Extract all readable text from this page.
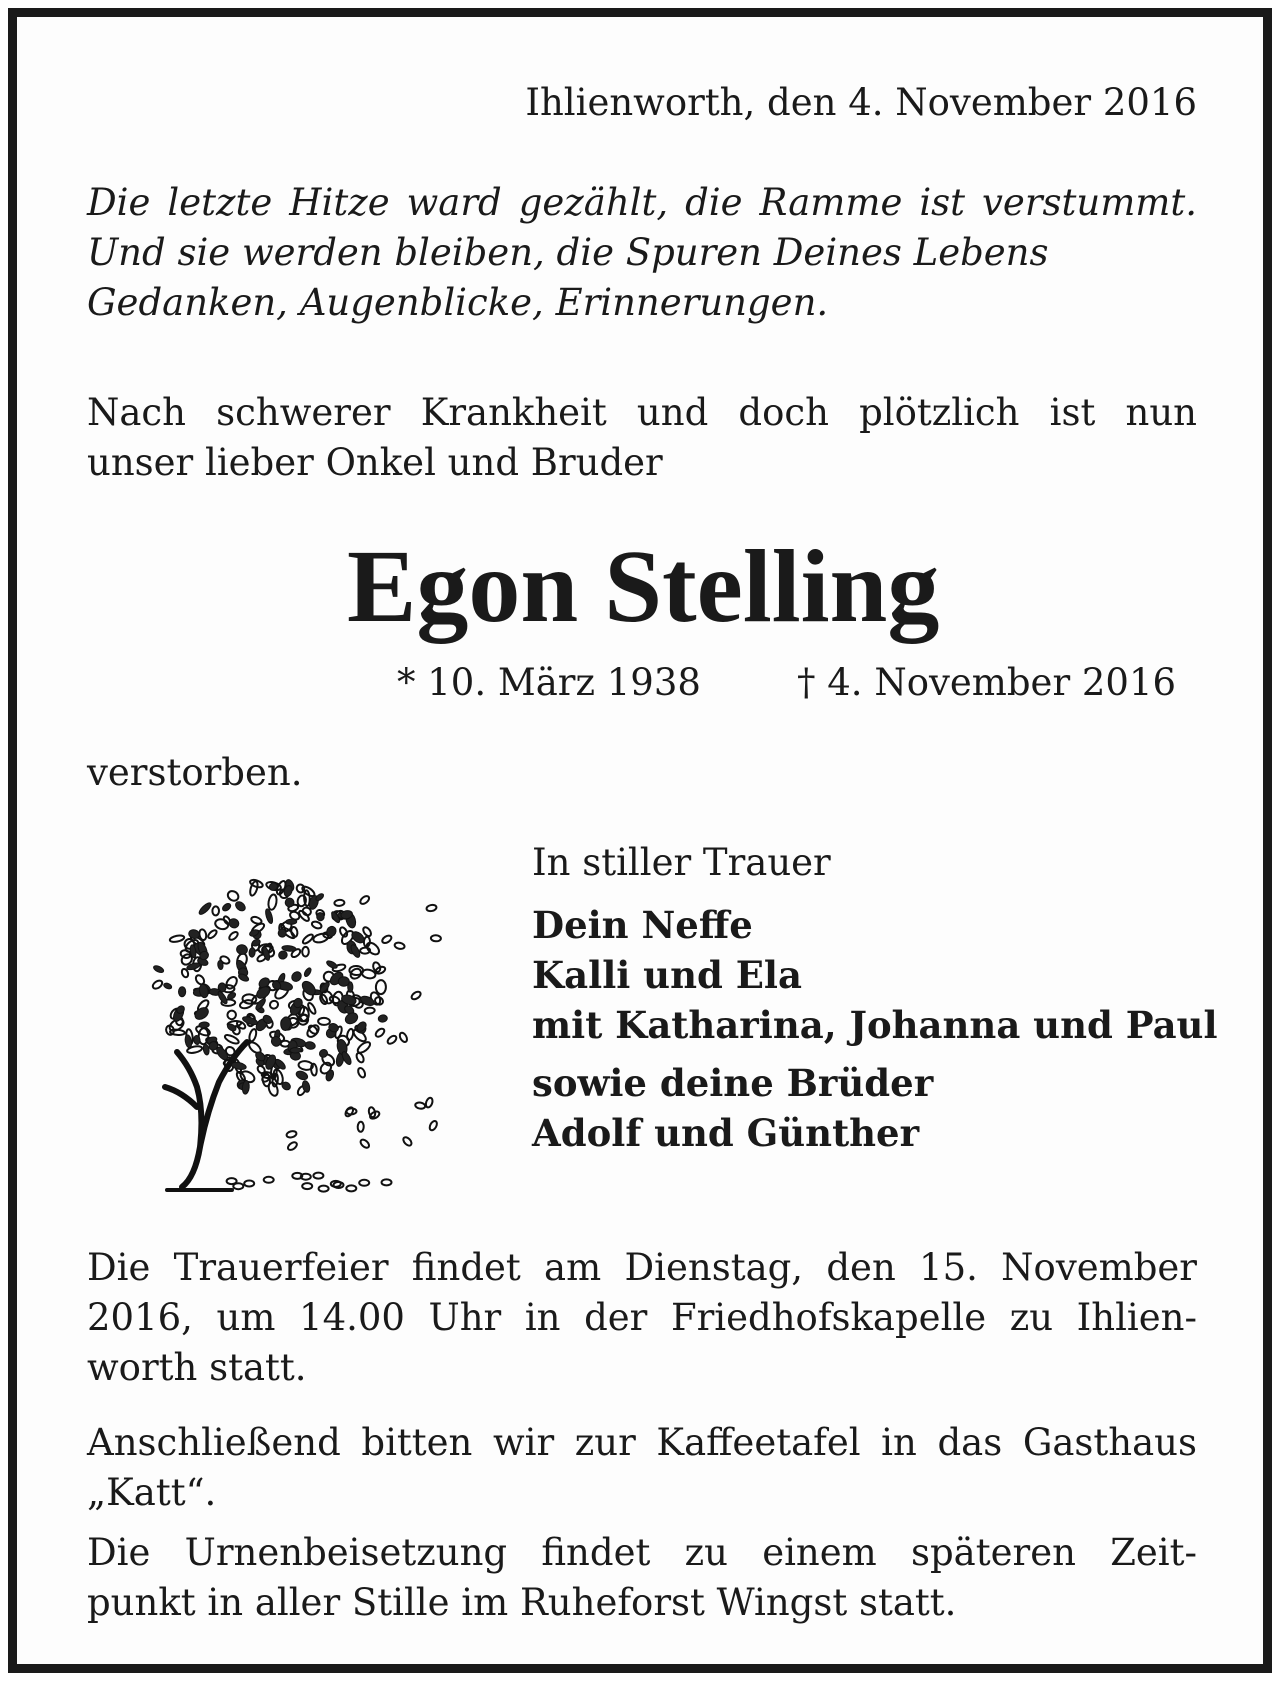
Ihlienworth, den 4. November 2016
Die letzte Hitze ward gezählt, die Ramme ist verstummt.
Und sie werden bleiben, die Spuren Deines Lebens
Gedanken, Augenblicke, Erinnerungen.
Nach schwerer Krankheit und doch plötzlich ist nun
unser lieber Onkel und Bruder
Egon Stelling
* 10. März 1938	† 4. November 2016
verstorben.
In stiller Trauer
Dein Neffe
Kalli und Ela
mit Katharina, Johanna und Paul
sowie deine Brüder
Adolf und Günther
Die Trauerfeier findet am Dienstag, den 15. November
2016, um 14.00 Uhr in der Friedhofskapelle zu Ihlien-
worth statt.
Anschließend bitten wir zur Kaffeetafel in das Gasthaus
„Katt“.
Die Urnenbeisetzung findet zu einem späteren Zeit-
punkt in aller Stille im Ruheforst Wingst statt.
